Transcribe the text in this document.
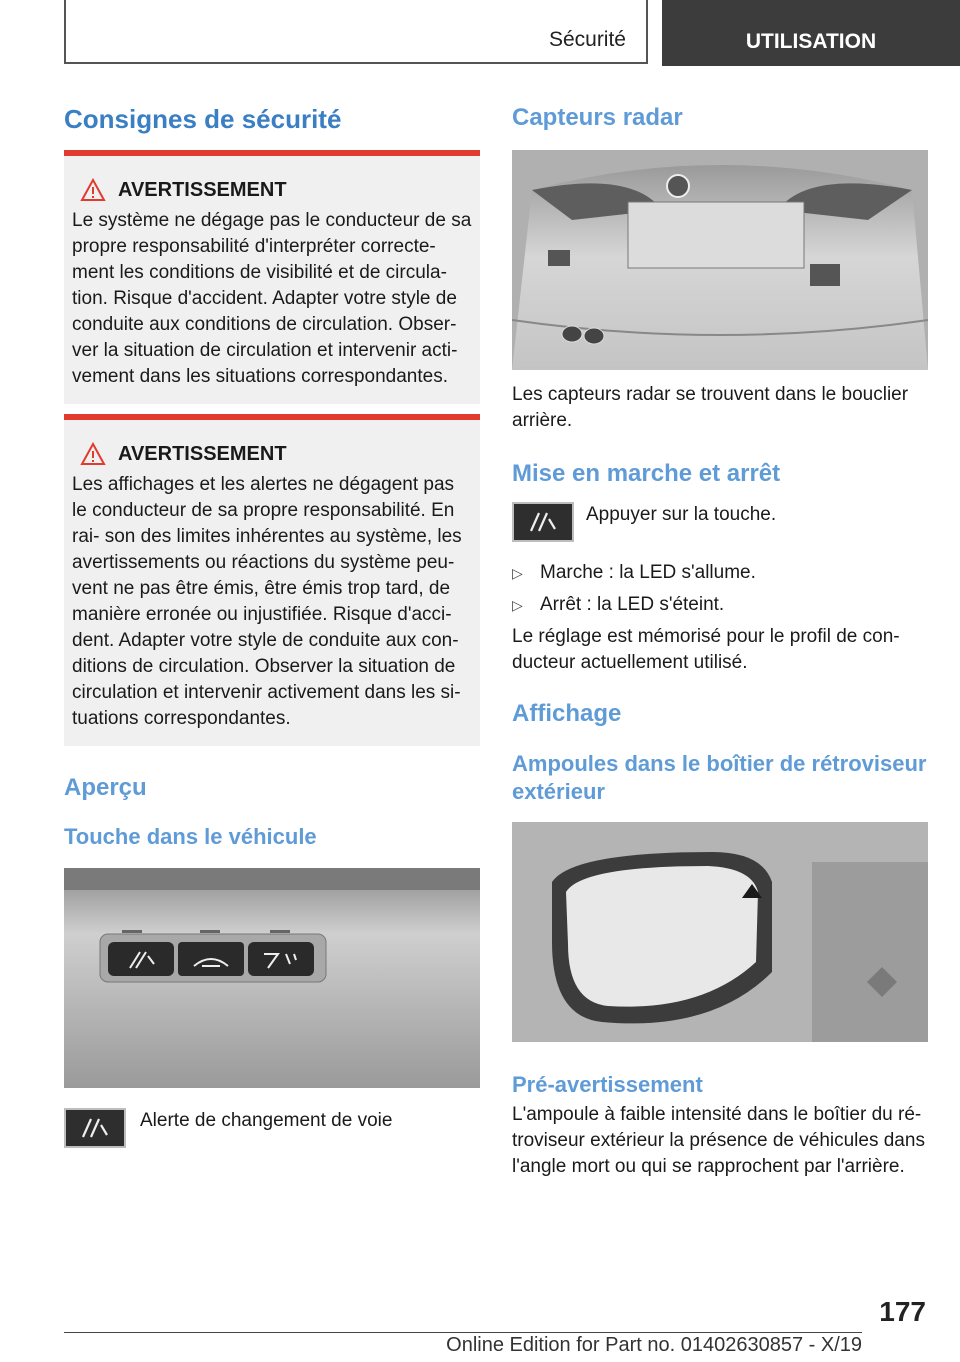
Sécurité	UTILISATION
Consignes de sécurité
AVERTISSEMENT
Le système ne dégage pas le conducteur de sa propre responsabilité d'interpréter correcte- ment les conditions de visibilité et de circula- tion. Risque d'accident. Adapter votre style de conduite aux conditions de circulation. Obser- ver la situation de circulation et intervenir acti- vement dans les situations correspondantes.
AVERTISSEMENT
Les affichages et les alertes ne dégagent pas le conducteur de sa propre responsabilité. En rai- son des limites inhérentes au système, les avertissements ou réactions du système peu- vent ne pas être émis, être émis trop tard, de manière erronée ou injustifiée. Risque d'acci- dent. Adapter votre style de conduite aux con- ditions de circulation. Observer la situation de circulation et intervenir activement dans les si- tuations correspondantes.
Aperçu
Touche dans le véhicule
Alerte de changement de voie
Capteurs radar
Les capteurs radar se trouvent dans le bouclier arrière.
Mise en marche et arrêt
Appuyer sur la touche.
▷ Marche : la LED s'allume.
▷ Arrêt : la LED s'éteint.
Le réglage est mémorisé pour le profil de con- ducteur actuellement utilisé.
Affichage
Ampoules dans le boîtier de rétroviseur extérieur
Pré-avertissement
L'ampoule à faible intensité dans le boîtier du ré- troviseur extérieur la présence de véhicules dans l'angle mort ou qui se rapprochent par l'arrière.
177
Online Edition for Part no. 01402630857 - X/19
